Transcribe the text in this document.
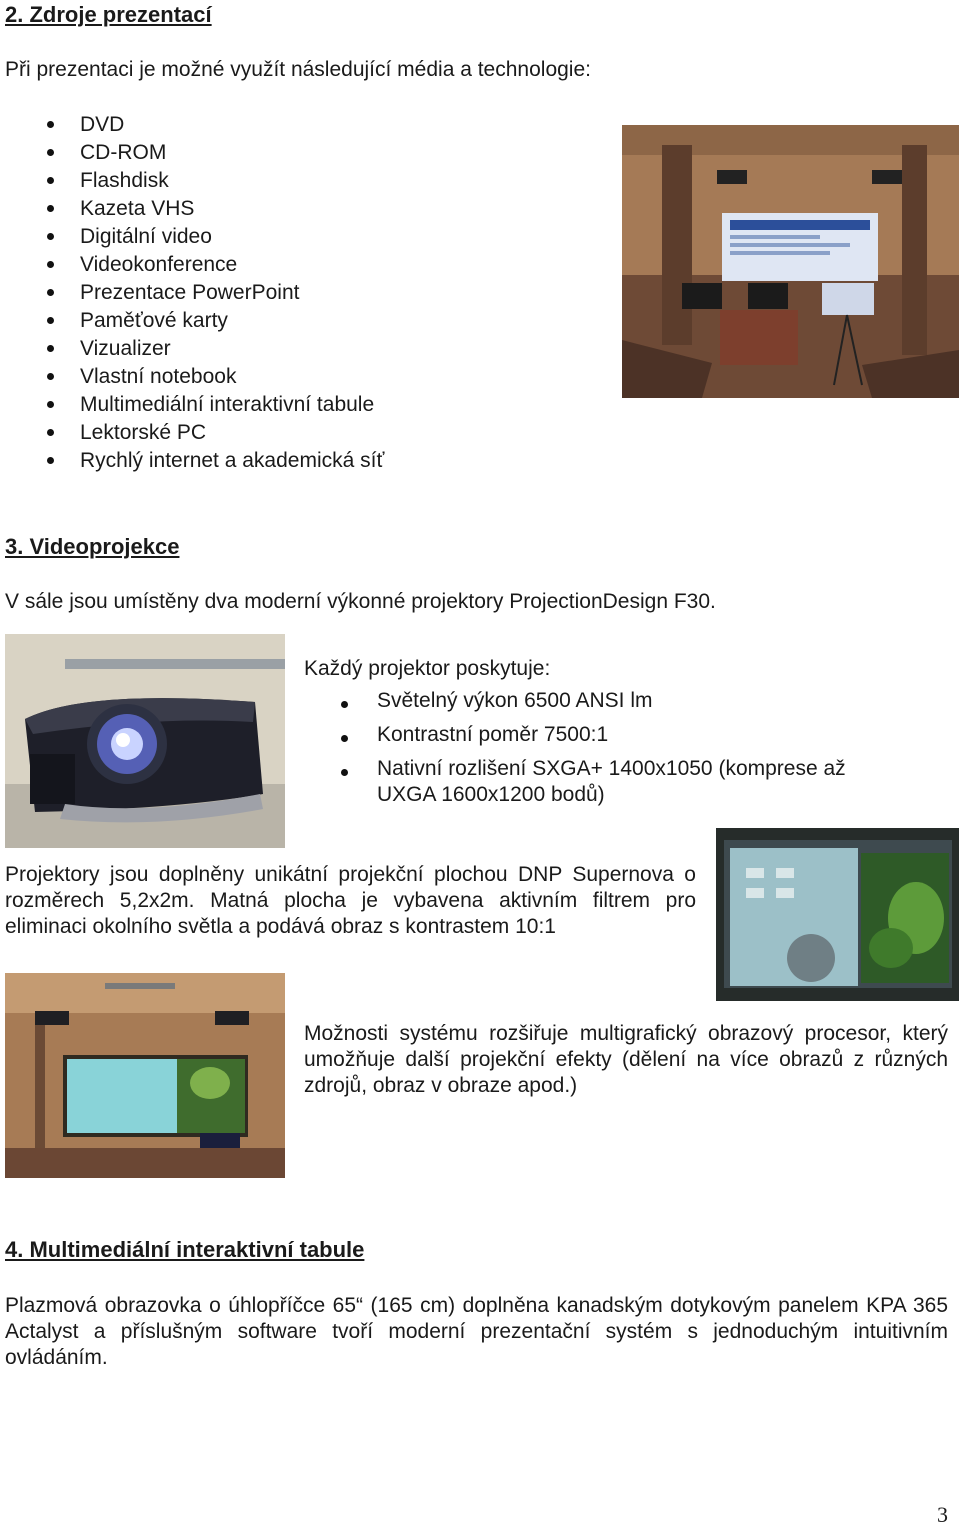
2. Zdroje prezentací

Při prezentaci je možné využít následující média a technologie:

DVD
CD-ROM
Flashdisk
Kazeta VHS
Digitální video
Videokonference
Prezentace PowerPoint
Paměťové karty
Vizualizer
Vlastní notebook
Multimediální interaktivní tabule
Lektorské PC
Rychlý internet a akademická síť
3. Videoprojekce

V sále jsou umístěny dva moderní výkonné projektory ProjectionDesign F30.

Každý projektor poskytuje:

Světelný výkon 6500 ANSI lm
Kontrastní poměr 7500:1
Nativní rozlišení SXGA+ 1400x1050 (komprese až UXGA 1600x1200 bodů)

Projektory jsou doplněny unikátní projekční plochou DNP Supernova o rozměrech 5,2x2m. Matná plocha je vybavena aktivním filtrem pro eliminaci okolního světla a podává obraz s kontrastem 10:1

Možnosti systému rozšiřuje multigrafický obrazový procesor, který umožňuje další projekční efekty (dělení na více obrazů z různých zdrojů, obraz v obraze apod.)

4. Multimediální interaktivní tabule

Plazmová obrazovka o úhlopříčce 65“ (165 cm) doplněna kanadským dotykovým panelem KPA 365 Actalyst a příslušným software tvoří moderní prezentační systém s jednoduchým intuitivním ovládáním.

3
